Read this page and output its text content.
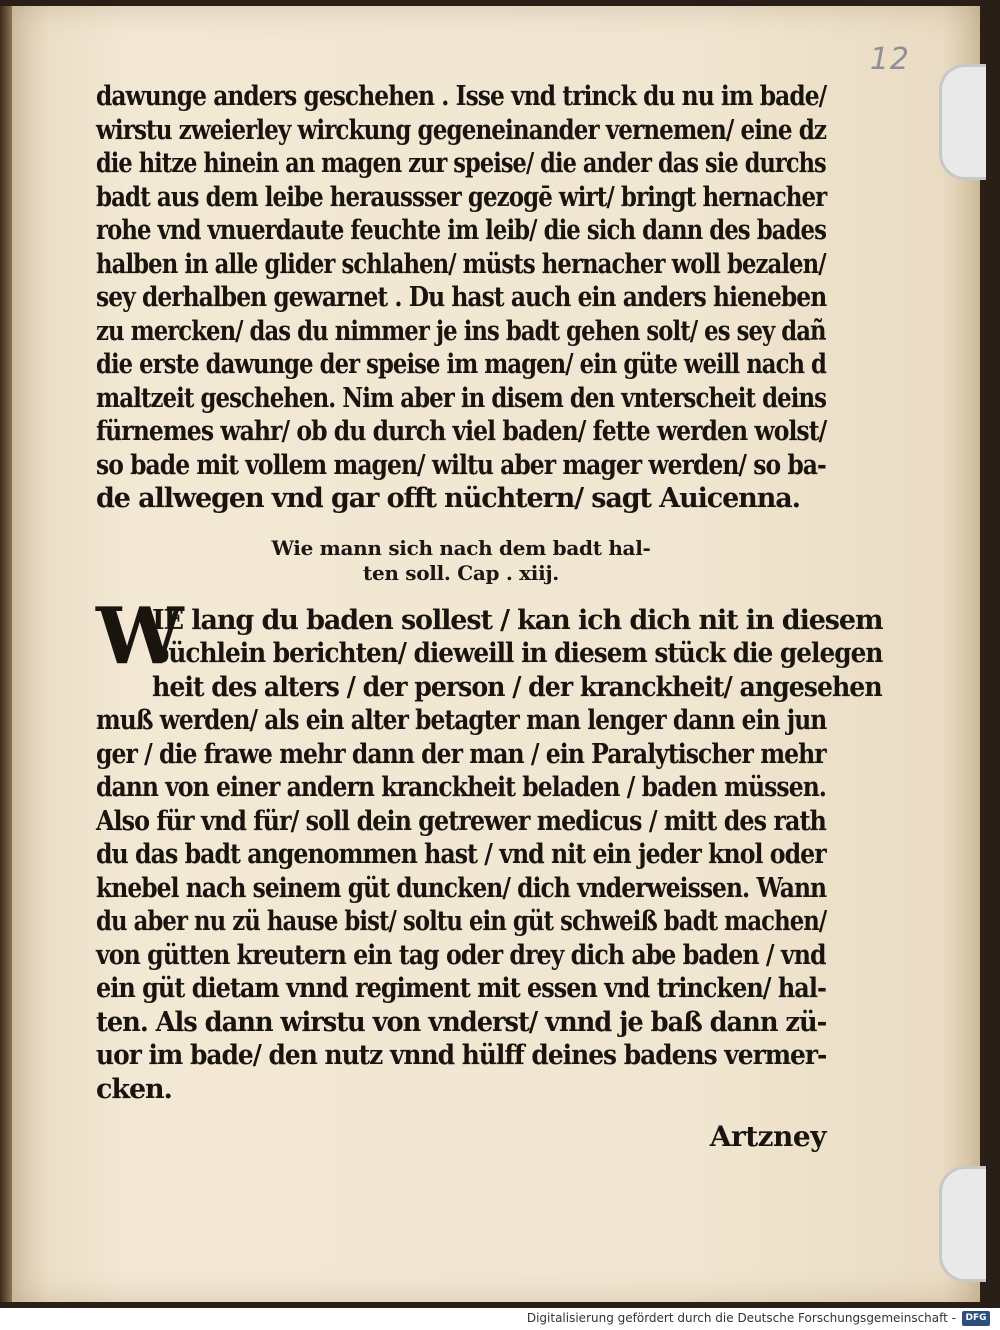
12
dawunge anders geschehen . Isse vnd trinck du nu im bade/
wirstu zweierley wirckung gegeneinander vernemen/ eine dz
die hitze hinein an magen zur speise/ die ander das sie durchs
badt aus dem leibe heraussser gezogē wirt/ bringt hernacher
rohe vnd vnuerdaute feuchte im leib/ die sich dann des bades
halben in alle glider schlahen/ müsts hernacher woll bezalen/
sey derhalben gewarnet . Du hast auch ein anders hieneben
zu mercken/ das du nimmer je ins badt gehen solt/ es sey dañ
die erste dawunge der speise im magen/ ein güte weill nach d
maltzeit geschehen. Nim aber in disem den vnterscheit deins
fürnemes wahr/ ob du durch viel baden/ fette werden wolst/
so bade mit vollem magen/ wiltu aber mager werden/ so ba-
de allwegen vnd gar offt nüchtern/ sagt Auicenna.
Wie mann sich nach dem badt hal-
ten soll. Cap . xiij.
W
IE lang du baden sollest / kan ich dich nit in diesem
büchlein berichten/ dieweill in diesem stück die gelegen
heit des alters / der person / der kranckheit/ angesehen
muß werden/ als ein alter betagter man lenger dann ein jun
ger / die frawe mehr dann der man / ein Paralytischer mehr
dann von einer andern kranckheit beladen / baden müssen.
Also für vnd für/ soll dein getrewer medicus / mitt des rath
du das badt angenommen hast / vnd nit ein jeder knol oder
knebel nach seinem güt duncken/ dich vnderweissen. Wann
du aber nu zü hause bist/ soltu ein güt schweiß badt machen/
von gütten kreutern ein tag oder drey dich abe baden / vnd
ein güt dietam vnnd regiment mit essen vnd trincken/ hal-
ten. Als dann wirstu von vnderst/ vnnd je baß dann zü-
uor im bade/ den nutz vnnd hülff deines badens vermer-
cken.
Artzney
Digitalisierung gefördert durch die Deutsche Forschungsgemeinschaft -	DFG
